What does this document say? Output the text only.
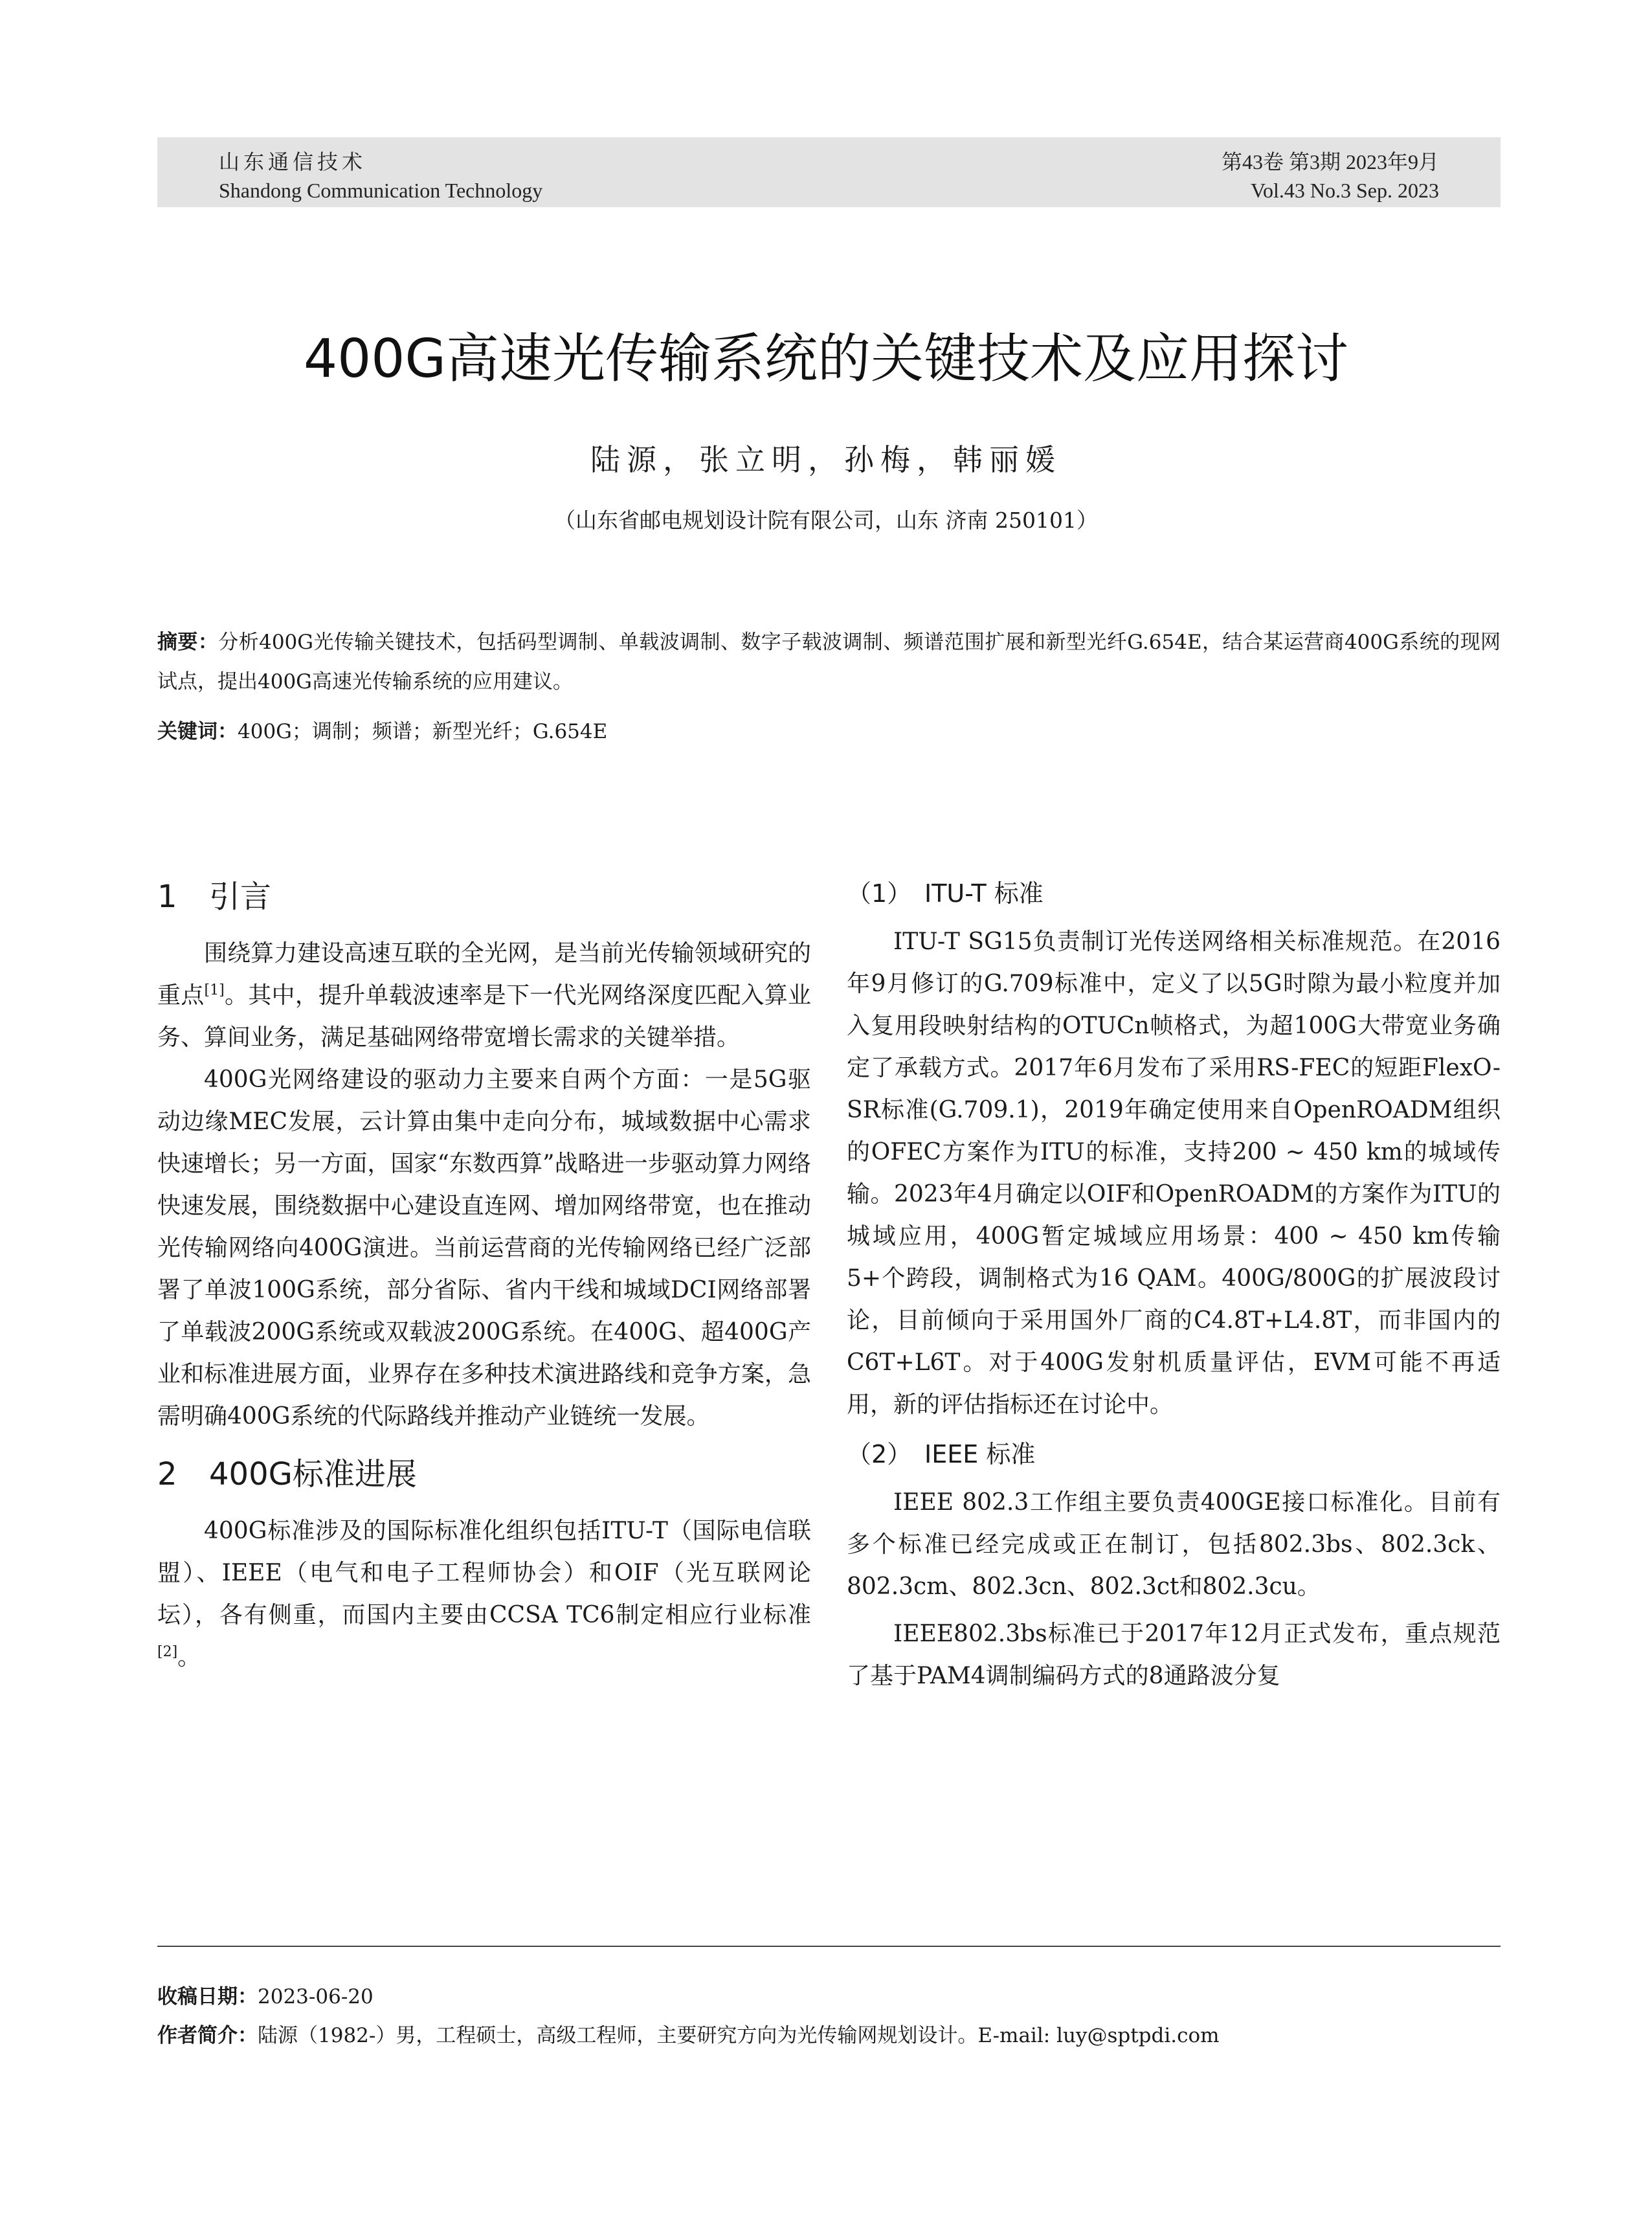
山东通信技术
Shandong Communication Technology
第43卷 第3期 2023年9月
Vol.43 No.3 Sep. 2023
400G高速光传输系统的关键技术及应用探讨
陆源，张立明，孙梅，韩丽媛
（山东省邮电规划设计院有限公司，山东 济南 250101）
摘要：分析400G光传输关键技术，包括码型调制、单载波调制、数字子载波调制、频谱范围扩展和新型光纤G.654E，结合某运营商400G系统的现网试点，提出400G高速光传输系统的应用建议。
关键词：400G；调制；频谱；新型光纤；G.654E
1 引言

围绕算力建设高速互联的全光网，是当前光传输领域研究的重点[1]。其中，提升单载波速率是下一代光网络深度匹配入算业务、算间业务，满足基础网络带宽增长需求的关键举措。

400G光网络建设的驱动力主要来自两个方面：一是5G驱动边缘MEC发展，云计算由集中走向分布，城域数据中心需求快速增长；另一方面，国家“东数西算”战略进一步驱动算力网络快速发展，围绕数据中心建设直连网、增加网络带宽，也在推动光传输网络向400G演进。当前运营商的光传输网络已经广泛部署了单波100G系统，部分省际、省内干线和城域DCI网络部署了单载波200G系统或双载波200G系统。在400G、超400G产业和标准进展方面，业界存在多种技术演进路线和竞争方案，急需明确400G系统的代际路线并推动产业链统一发展。

2 400G标准进展

400G标准涉及的国际标准化组织包括ITU-T（国际电信联盟）、IEEE（电气和电子工程师协会）和OIF（光互联网论坛），各有侧重，而国内主要由CCSA TC6制定相应行业标准[2]。

（1） ITU-T 标准

ITU-T SG15负责制订光传送网络相关标准规范。在2016年9月修订的G.709标准中，定义了以5G时隙为最小粒度并加入复用段映射结构的OTUCn帧格式，为超100G大带宽业务确定了承载方式。2017年6月发布了采用RS-FEC的短距FlexO-SR标准(G.709.1)，2019年确定使用来自OpenROADM组织的OFEC方案作为ITU的标准，支持200 ~ 450 km的城域传输。2023年4月确定以OIF和OpenROADM的方案作为ITU的城域应用，400G暂定城域应用场景：400 ~ 450 km传输5+个跨段，调制格式为16 QAM。400G/800G的扩展波段讨论，目前倾向于采用国外厂商的C4.8T+L4.8T，而非国内的C6T+L6T。对于400G发射机质量评估，EVM可能不再适用，新的评估指标还在讨论中。

（2） IEEE 标准

IEEE 802.3工作组主要负责400GE接口标准化。目前有多个标准已经完成或正在制订，包括802.3bs、802.3ck、802.3cm、802.3cn、802.3ct和802.3cu。

IEEE802.3bs标准已于2017年12月正式发布，重点规范了基于PAM4调制编码方式的8通路波分复

收稿日期：2023-06-20
作者简介：陆源（1982-）男，工程硕士，高级工程师，主要研究方向为光传输网规划设计。E-mail: luy@sptpdi.com
